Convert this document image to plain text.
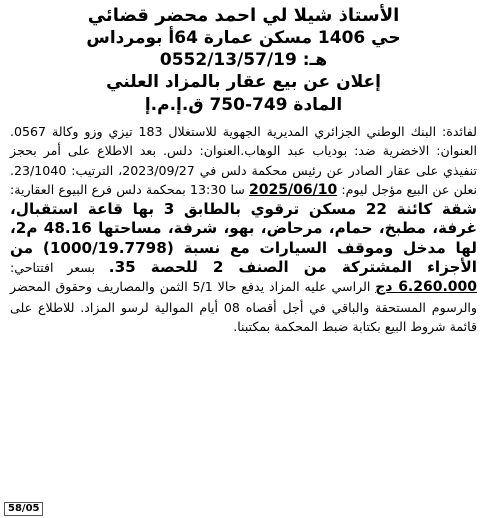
الأستاذ شيلا لي احمد محضر قضائي
حي 1406 مسكن عمارة 64أ بومرداس
هـ: 0552/13/57/19
إعلان عن بيع عقار بالمزاد العلني
المادة 749-750 ق.إ.م.إ
لفائدة: البنك الوطني الجزائري المديرية الجهوية للاستغلال 183 تيزي وزو وكالة 0567. العنوان: الاخضرية ضد: بودياب عبد الوهاب.العنوان: دلس. بعد الاطلاع على أمر بحجز تنفيذي على عقار الصادر عن رئيس محكمة دلس في 2023/09/27، الترتيب: 23/1040. نعلن عن البيع مؤجل ليوم: 2025/06/10 سا 13:30 بمحكمة دلس فرع البيوع العقارية: شقة كائنة 22 مسكن ترقوي بالطابق 3 بها قاعة استقبال، غرفة، مطبخ، حمام، مرحاض، بهو، شرفة، مساحتها 48.16 م2، لها مدخل وموقف السيارات مع نسبة (1000/19.7798) من الأجزاء المشتركة من الصنف 2 للحصة 35. بسعر افتتاحي: 6.260.000 دج الراسي عليه المزاد يدفع حالا 5/1 الثمن والمصاريف وحقوق المحضر والرسوم المستحقة والباقي في أجل أقصاه 08 أيام الموالية لرسو المزاد. للاطلاع على قائمة شروط البيع بكتابة ضبط المحكمة بمكتبنا.
58/05
